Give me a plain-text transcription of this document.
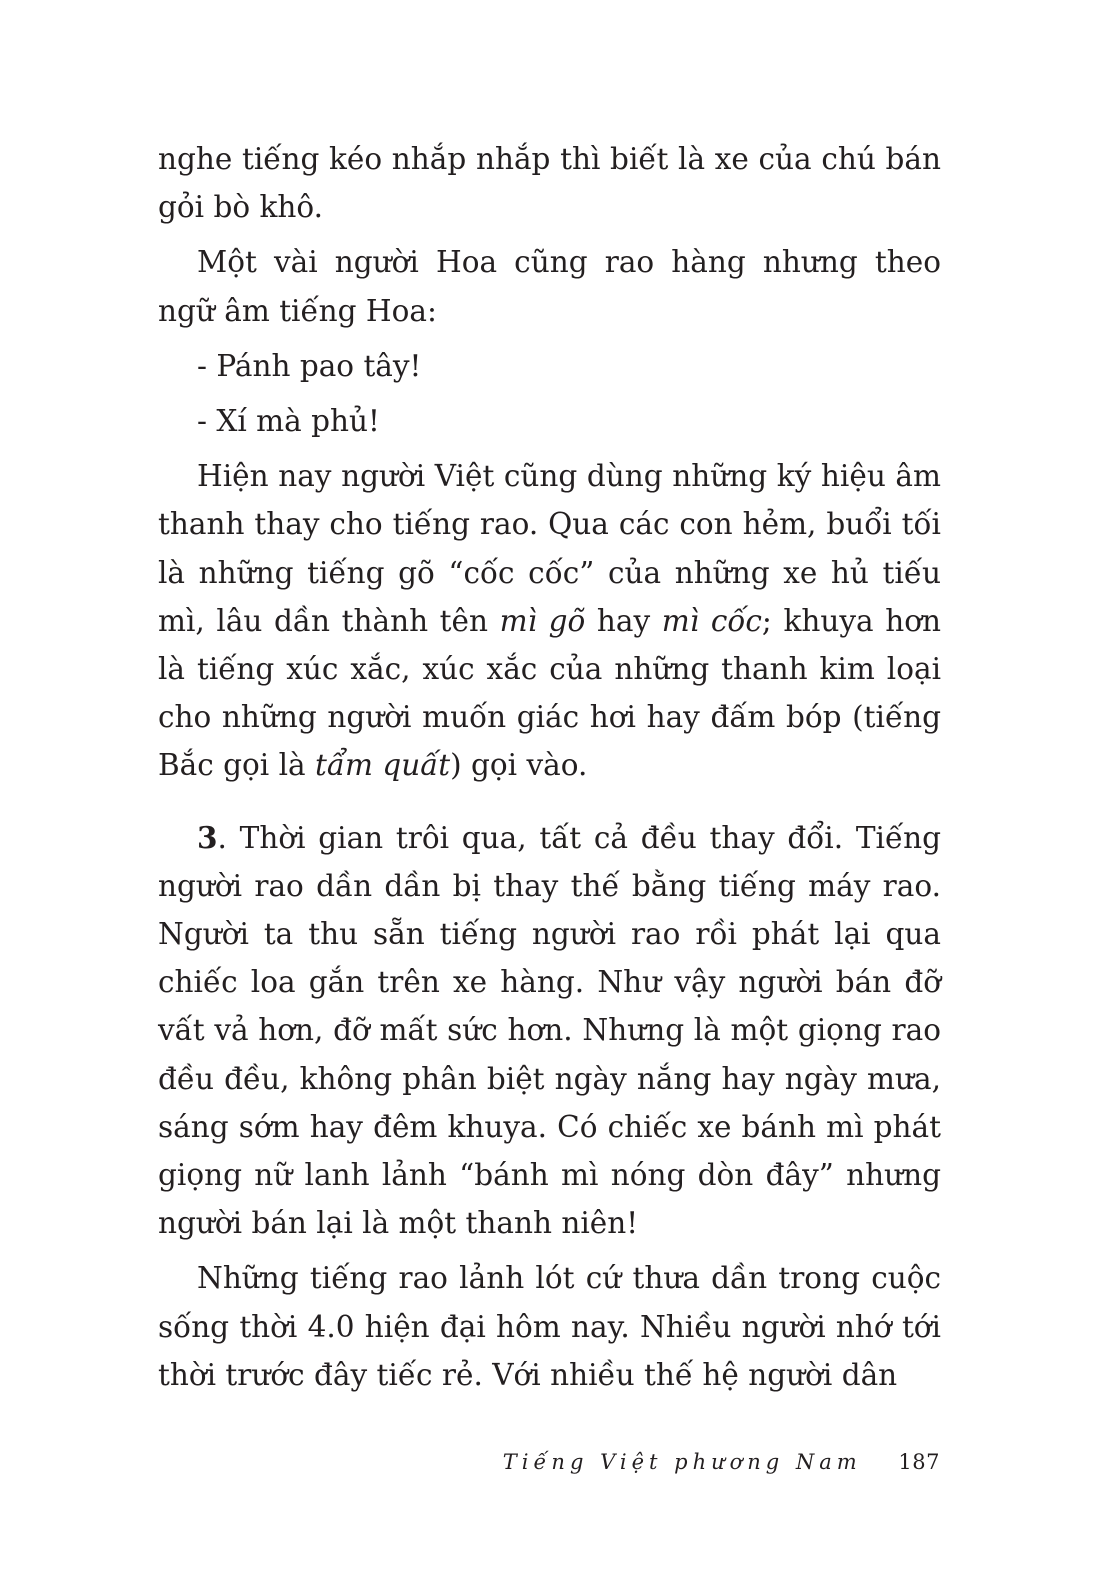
nghe tiếng kéo nhắp nhắp thì biết là xe của chú bán gỏi bò khô.

Một vài người Hoa cũng rao hàng nhưng theo ngữ âm tiếng Hoa:

- Pánh pao tây!

- Xí mà phủ!

Hiện nay người Việt cũng dùng những ký hiệu âm thanh thay cho tiếng rao. Qua các con hẻm, buổi tối là những tiếng gõ “cốc cốc” của những xe hủ tiếu mì, lâu dần thành tên mì gõ hay mì cốc; khuya hơn là tiếng xúc xắc, xúc xắc của những thanh kim loại cho những người muốn giác hơi hay đấm bóp (tiếng Bắc gọi là tẩm quất) gọi vào.

3. Thời gian trôi qua, tất cả đều thay đổi. Tiếng người rao dần dần bị thay thế bằng tiếng máy rao. Người ta thu sẵn tiếng người rao rồi phát lại qua chiếc loa gắn trên xe hàng. Như vậy người bán đỡ vất vả hơn, đỡ mất sức hơn. Nhưng là một giọng rao đều đều, không phân biệt ngày nắng hay ngày mưa, sáng sớm hay đêm khuya. Có chiếc xe bánh mì phát giọng nữ lanh lảnh “bánh mì nóng dòn đây” nhưng người bán lại là một thanh niên!

Những tiếng rao lảnh lót cứ thưa dần trong cuộc sống thời 4.0 hiện đại hôm nay. Nhiều người nhớ tới thời trước đây tiếc rẻ. Với nhiều thế hệ người dân

Tiếng Việt phương Nam 187
